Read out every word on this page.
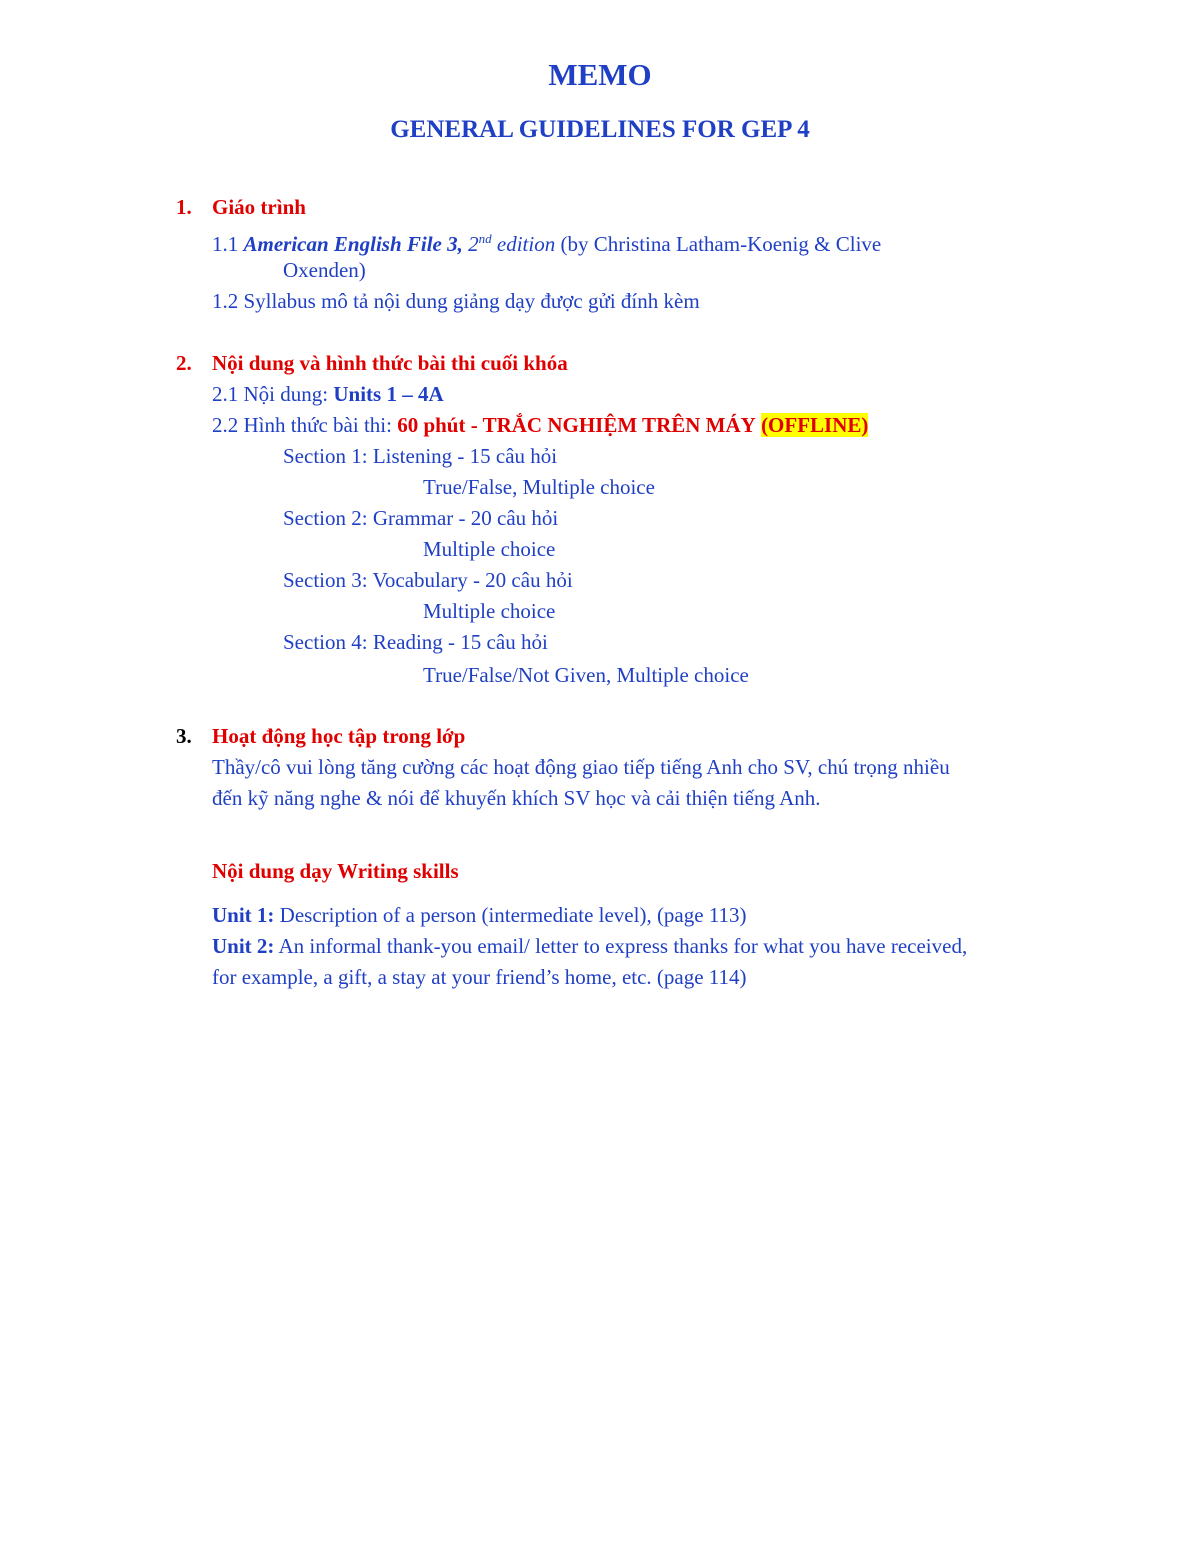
MEMO
GENERAL GUIDELINES FOR GEP 4
1. Giáo trình
1.1 American English File 3, 2nd edition (by Christina Latham-Koenig & Clive
Oxenden)
1.2 Syllabus mô tả nội dung giảng dạy được gửi đính kèm
2. Nội dung và hình thức bài thi cuối khóa
2.1 Nội dung: Units 1 – 4A
2.2 Hình thức bài thi: 60 phút - TRẮC NGHIỆM TRÊN MÁY (OFFLINE)
Section 1: Listening - 15 câu hỏi
True/False, Multiple choice
Section 2: Grammar - 20 câu hỏi
Multiple choice
Section 3: Vocabulary - 20 câu hỏi
Multiple choice
Section 4: Reading - 15 câu hỏi
True/False/Not Given, Multiple choice
3. Hoạt động học tập trong lớp
Thầy/cô vui lòng tăng cường các hoạt động giao tiếp tiếng Anh cho SV, chú trọng nhiều
đến kỹ năng nghe & nói để khuyến khích SV học và cải thiện tiếng Anh.
Nội dung dạy Writing skills
Unit 1: Description of a person (intermediate level), (page 113)
Unit 2: An informal thank-you email/ letter to express thanks for what you have received,
for example, a gift, a stay at your friend’s home, etc. (page 114)
